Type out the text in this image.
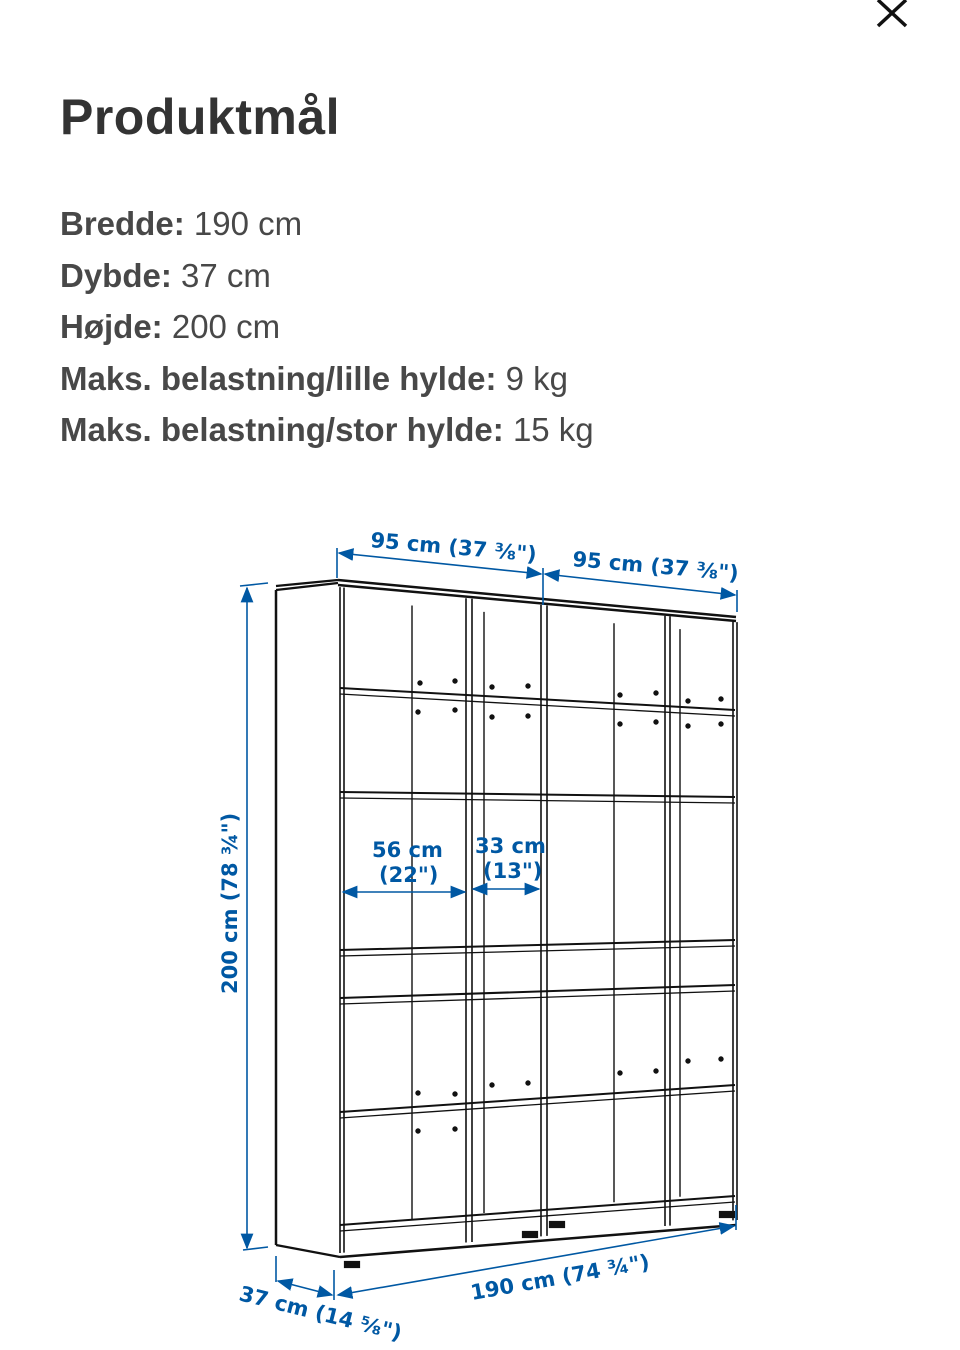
Produktmål
Bredde: 190 cm
Dybde: 37 cm
Højde: 200 cm
Maks. belastning/lille hylde: 9 kg
Maks. belastning/stor hylde: 15 kg
95 cm (37 ⅜") 95 cm (37 ⅜")
200 cm (78 ¾")	56 cm
(22")
33 cm
(13")
37 cm (14 ⅝")
190 cm (74 ¾")
